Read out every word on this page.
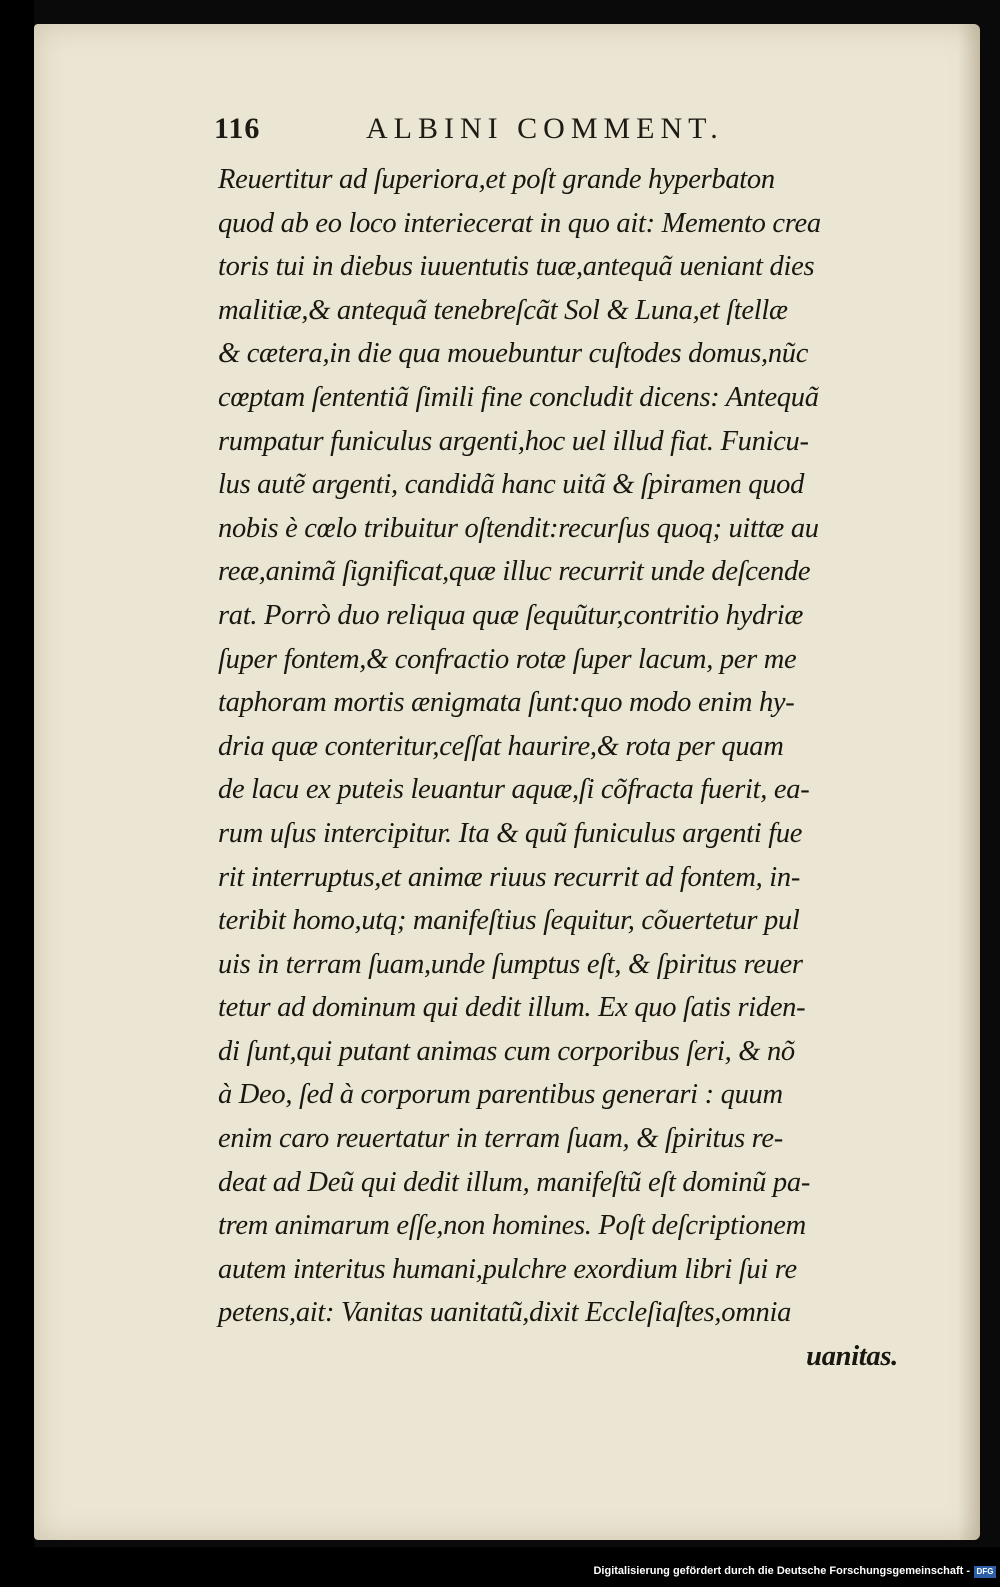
116	ALBINI COMMENT.
Reuertitur ad ſuperiora,et poſt grande hyperbaton
quod ab eo loco interiecerat in quo ait: Memento crea
toris tui in diebus iuuentutis tuæ,antequã ueniant dies
malitiæ,& antequã tenebreſcãt Sol & Luna,et ſtellæ
& cætera,in die qua mouebuntur cuſtodes domus,nũc
cœptam ſententiã ſimili fine concludit dicens: Antequã
rumpatur funiculus argenti,hoc uel illud fiat. Funicu-
lus autẽ argenti, candidã hanc uitã & ſpiramen quod
nobis è cœlo tribuitur oſtendit:recurſus quoq; uittæ au
reæ,animã ſignificat,quæ illuc recurrit unde deſcende
rat. Porrò duo reliqua quæ ſequũtur,contritio hydriæ
ſuper fontem,& confractio rotæ ſuper lacum, per me
taphoram mortis ænigmata ſunt:quo modo enim hy-
dria quæ conteritur,ceſſat haurire,& rota per quam
de lacu ex puteis leuantur aquæ,ſi cõfracta fuerit, ea-
rum uſus intercipitur. Ita & quũ funiculus argenti fue
rit interruptus,et animæ riuus recurrit ad fontem, in-
teribit homo,utq; manifeſtius ſequitur, cõuertetur pul
uis in terram ſuam,unde ſumptus eſt, & ſpiritus reuer
tetur ad dominum qui dedit illum. Ex quo ſatis riden-
di ſunt,qui putant animas cum corporibus ſeri, & nõ
à Deo, ſed à corporum parentibus generari : quum
enim caro reuertatur in terram ſuam, & ſpiritus re-
deat ad Deũ qui dedit illum, manifeſtũ eſt dominũ pa-
trem animarum eſſe,non homines. Poſt deſcriptionem
autem interitus humani,pulchre exordium libri ſui re
petens,ait: Vanitas uanitatũ,dixit Eccleſiaſtes,omnia
uanitas.
Digitalisierung gefördert durch die Deutsche Forschungsgemeinschaft - DFG
